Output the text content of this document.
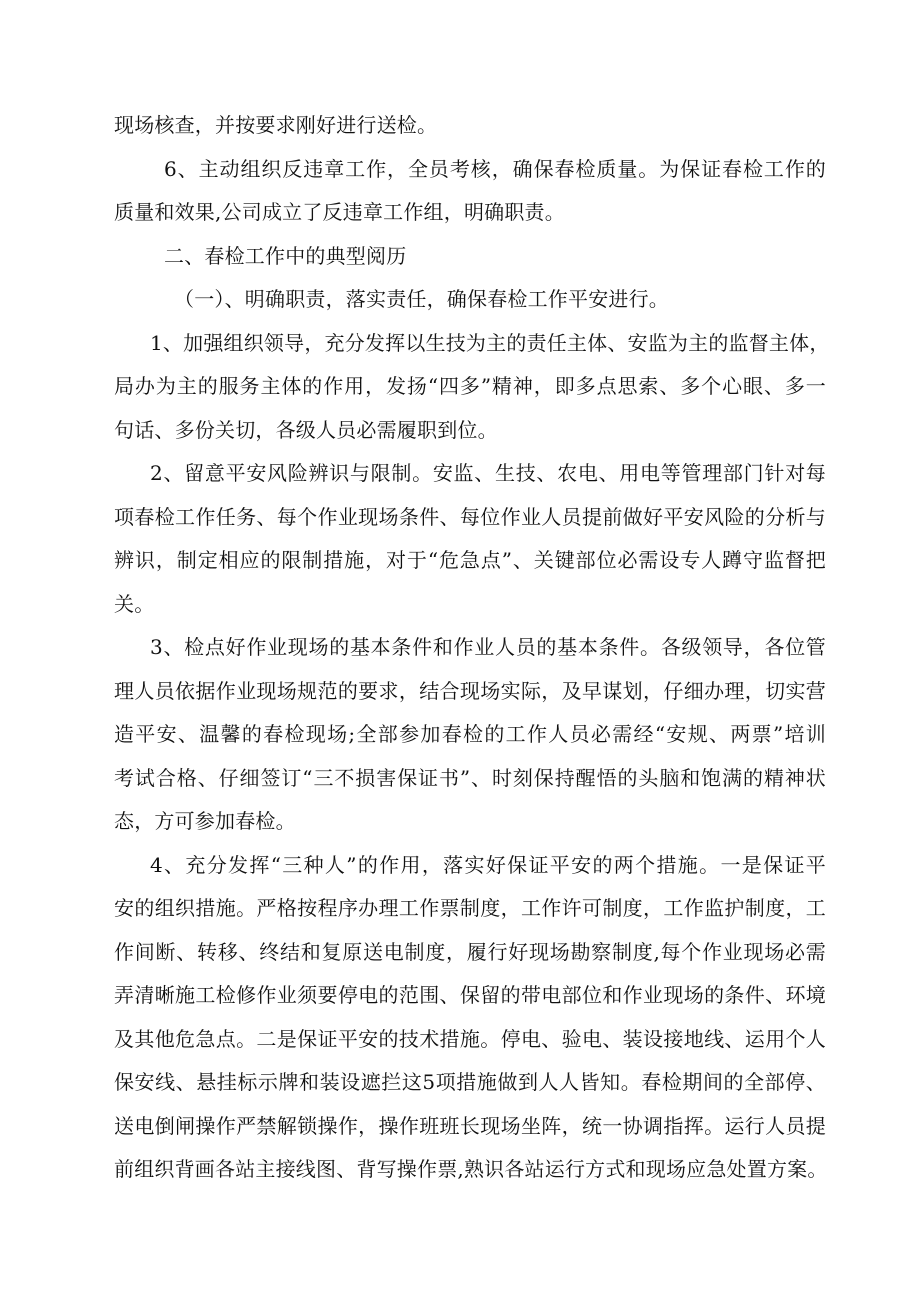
现场核查，并按要求刚好进行送检。
6、主动组织反违章工作，全员考核，确保春检质量。为保证春检工作的
质量和效果,公司成立了反违章工作组，明确职责。
二、春检工作中的典型阅历
（一）、明确职责，落实责任，确保春检工作平安进行。
1、加强组织领导，充分发挥以生技为主的责任主体、安监为主的监督主体，
局办为主的服务主体的作用，发扬“四多”精神，即多点思索、多个心眼、多一
句话、多份关切，各级人员必需履职到位。
2、留意平安风险辨识与限制。安监、生技、农电、用电等管理部门针对每
项春检工作任务、每个作业现场条件、每位作业人员提前做好平安风险的分析与
辨识，制定相应的限制措施，对于“危急点”、关键部位必需设专人蹲守监督把
关。
3、检点好作业现场的基本条件和作业人员的基本条件。各级领导，各位管
理人员依据作业现场规范的要求，结合现场实际，及早谋划，仔细办理，切实营
造平安、温馨的春检现场;全部参加春检的工作人员必需经“安规、两票”培训
考试合格、仔细签订“三不损害保证书”、时刻保持醒悟的头脑和饱满的精神状
态，方可参加春检。
4、充分发挥“三种人”的作用，落实好保证平安的两个措施。一是保证平
安的组织措施。严格按程序办理工作票制度，工作许可制度，工作监护制度，工
作间断、转移、终结和复原送电制度，履行好现场勘察制度,每个作业现场必需
弄清晰施工检修作业须要停电的范围、保留的带电部位和作业现场的条件、环境
及其他危急点。二是保证平安的技术措施。停电、验电、装设接地线、运用个人
保安线、悬挂标示牌和装设遮拦这5项措施做到人人皆知。春检期间的全部停、
送电倒闸操作严禁解锁操作，操作班班长现场坐阵，统一协调指挥。运行人员提
前组织背画各站主接线图、背写操作票,熟识各站运行方式和现场应急处置方案。
